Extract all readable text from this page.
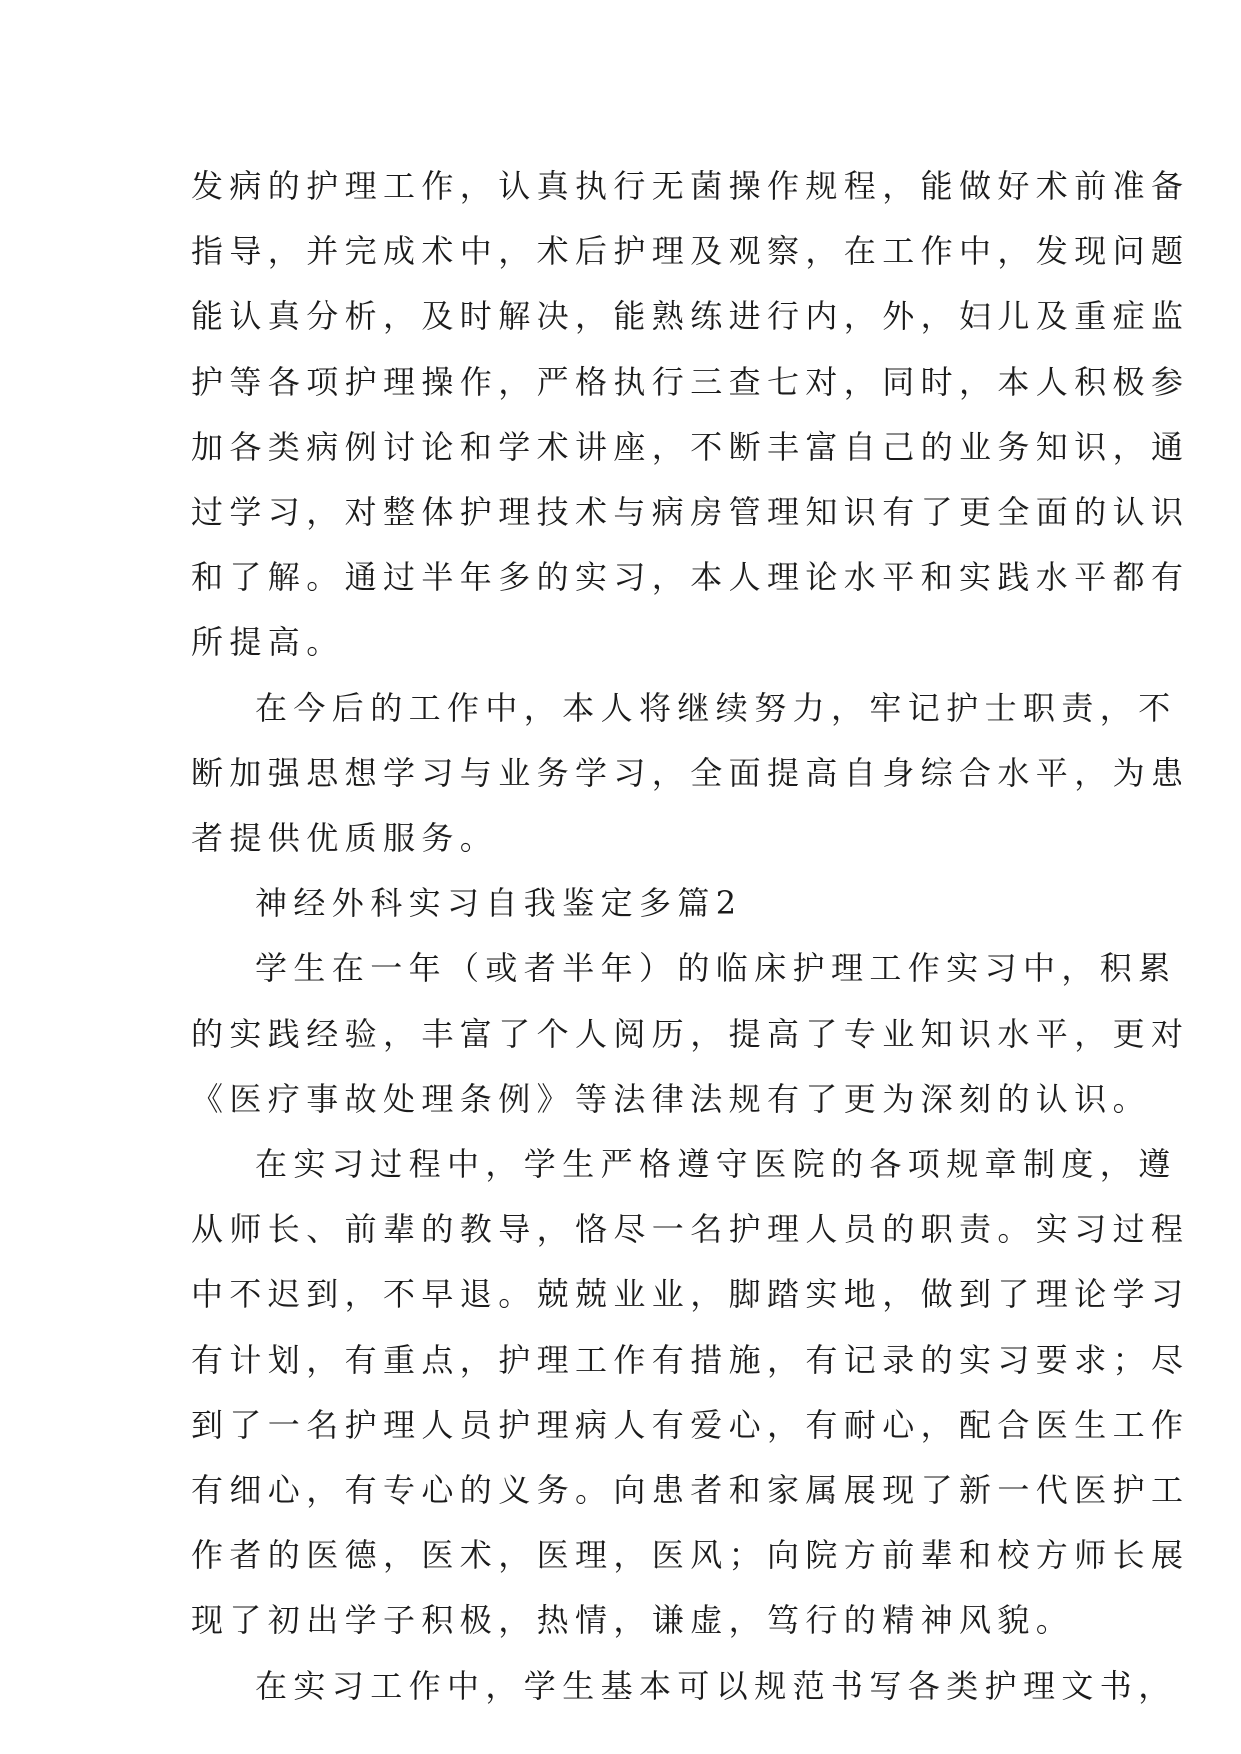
发病的护理工作，认真执行无菌操作规程，能做好术前准备
指导，并完成术中，术后护理及观察，在工作中，发现问题
能认真分析，及时解决，能熟练进行内，外，妇儿及重症监
护等各项护理操作，严格执行三查七对，同时，本人积极参
加各类病例讨论和学术讲座，不断丰富自己的业务知识，通
过学习，对整体护理技术与病房管理知识有了更全面的认识
和了解。通过半年多的实习，本人理论水平和实践水平都有
所提高。

在今后的工作中，本人将继续努力，牢记护士职责，不
断加强思想学习与业务学习，全面提高自身综合水平，为患
者提供优质服务。

神经外科实习自我鉴定多篇2

学生在一年（或者半年）的临床护理工作实习中，积累
的实践经验，丰富了个人阅历，提高了专业知识水平，更对
《医疗事故处理条例》等法律法规有了更为深刻的认识。

在实习过程中，学生严格遵守医院的各项规章制度，遵
从师长、前辈的教导，恪尽一名护理人员的职责。实习过程
中不迟到，不早退。兢兢业业，脚踏实地，做到了理论学习
有计划，有重点，护理工作有措施，有记录的实习要求；尽
到了一名护理人员护理病人有爱心，有耐心，配合医生工作
有细心，有专心的义务。向患者和家属展现了新一代医护工
作者的医德，医术，医理，医风；向院方前辈和校方师长展
现了初出学子积极，热情，谦虚，笃行的精神风貌。

在实习工作中，学生基本可以规范书写各类护理文书，
